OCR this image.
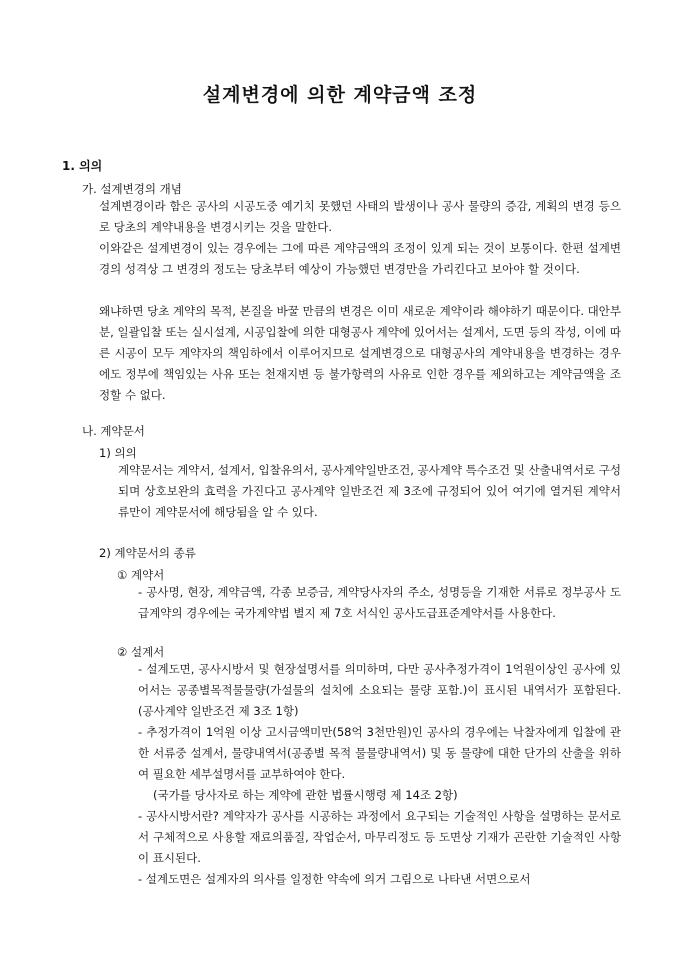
설계변경에 의한 계약금액 조정
1. 의의
가. 설계변경의 개념
설계변경이라 함은 공사의 시공도중 예기치 못했던 사태의 발생이나 공사 물량의 증감, 계획의 변경 등으로 당초의 계약내용을 변경시키는 것을 말한다.
이와같은 설계변경이 있는 경우에는 그에 따른 계약금액의 조정이 있게 되는 것이 보통이다. 한편 설계변경의 성격상 그 변경의 정도는 당초부터 예상이 가능했던 변경만을 가리킨다고 보아야 할 것이다.
왜냐하면 당초 계약의 목적, 본질을 바꿀 만큼의 변경은 이미 새로운 계약이라 해야하기 때문이다. 대안부분, 일괄입찰 또는 실시설계, 시공입찰에 의한 대형공사 계약에 있어서는 설계서, 도면 등의 작성, 이에 따른 시공이 모두 계약자의 책임하에서 이루어지므로 설계변경으로 대형공사의 계약내용을 변경하는 경우에도 정부에 책임있는 사유 또는 천재지변 등 불가항력의 사유로 인한 경우를 제외하고는 계약금액을 조정할 수 없다.
나. 계약문서
1) 의의
계약문서는 계약서, 설계서, 입찰유의서, 공사계약일반조건, 공사계약 특수조건 및 산출내역서로 구성되며 상호보완의 효력을 가진다고 공사계약 일반조건 제 3조에 규정되어 있어 여기에 열거된 계약서류만이 계약문서에 해당됨을 알 수 있다.
2) 계약문서의 종류
① 계약서
- 공사명, 현장, 계약금액, 각종 보증금, 계약당사자의 주소, 성명등을 기재한 서류로 정부공사 도급계약의 경우에는 국가계약법 별지 제 7호 서식인 공사도급표준계약서를 사용한다.
② 설계서
- 설계도면, 공사시방서 및 현장설명서를 의미하며, 다만 공사추정가격이 1억원이상인 공사에 있어서는 공종별목적물물량(가설물의 설치에 소요되는 물량 포함.)이 표시된 내역서가 포함된다. (공사계약 일반조건 제 3조 1항)
- 추정가격이 1억원 이상 고시금액미만(58억 3천만원)인 공사의 경우에는 낙찰자에게 입찰에 관한 서류중 설계서, 물량내역서(공종별 목적 물물량내역서) 및 동 물량에 대한 단가의 산출을 위하여 필요한 세부설명서를 교부하여야 한다.
(국가를 당사자로 하는 계약에 관한 법률시행령 제 14조 2항)
- 공사시방서란? 계약자가 공사를 시공하는 과정에서 요구되는 기술적인 사항을 설명하는 문서로서 구체적으로 사용할 재료의품질, 작업순서, 마무리정도 등 도면상 기재가 곤란한 기술적인 사항이 표시된다.
- 설계도면은 설계자의 의사를 일정한 약속에 의거 그림으로 나타낸 서면으로서
